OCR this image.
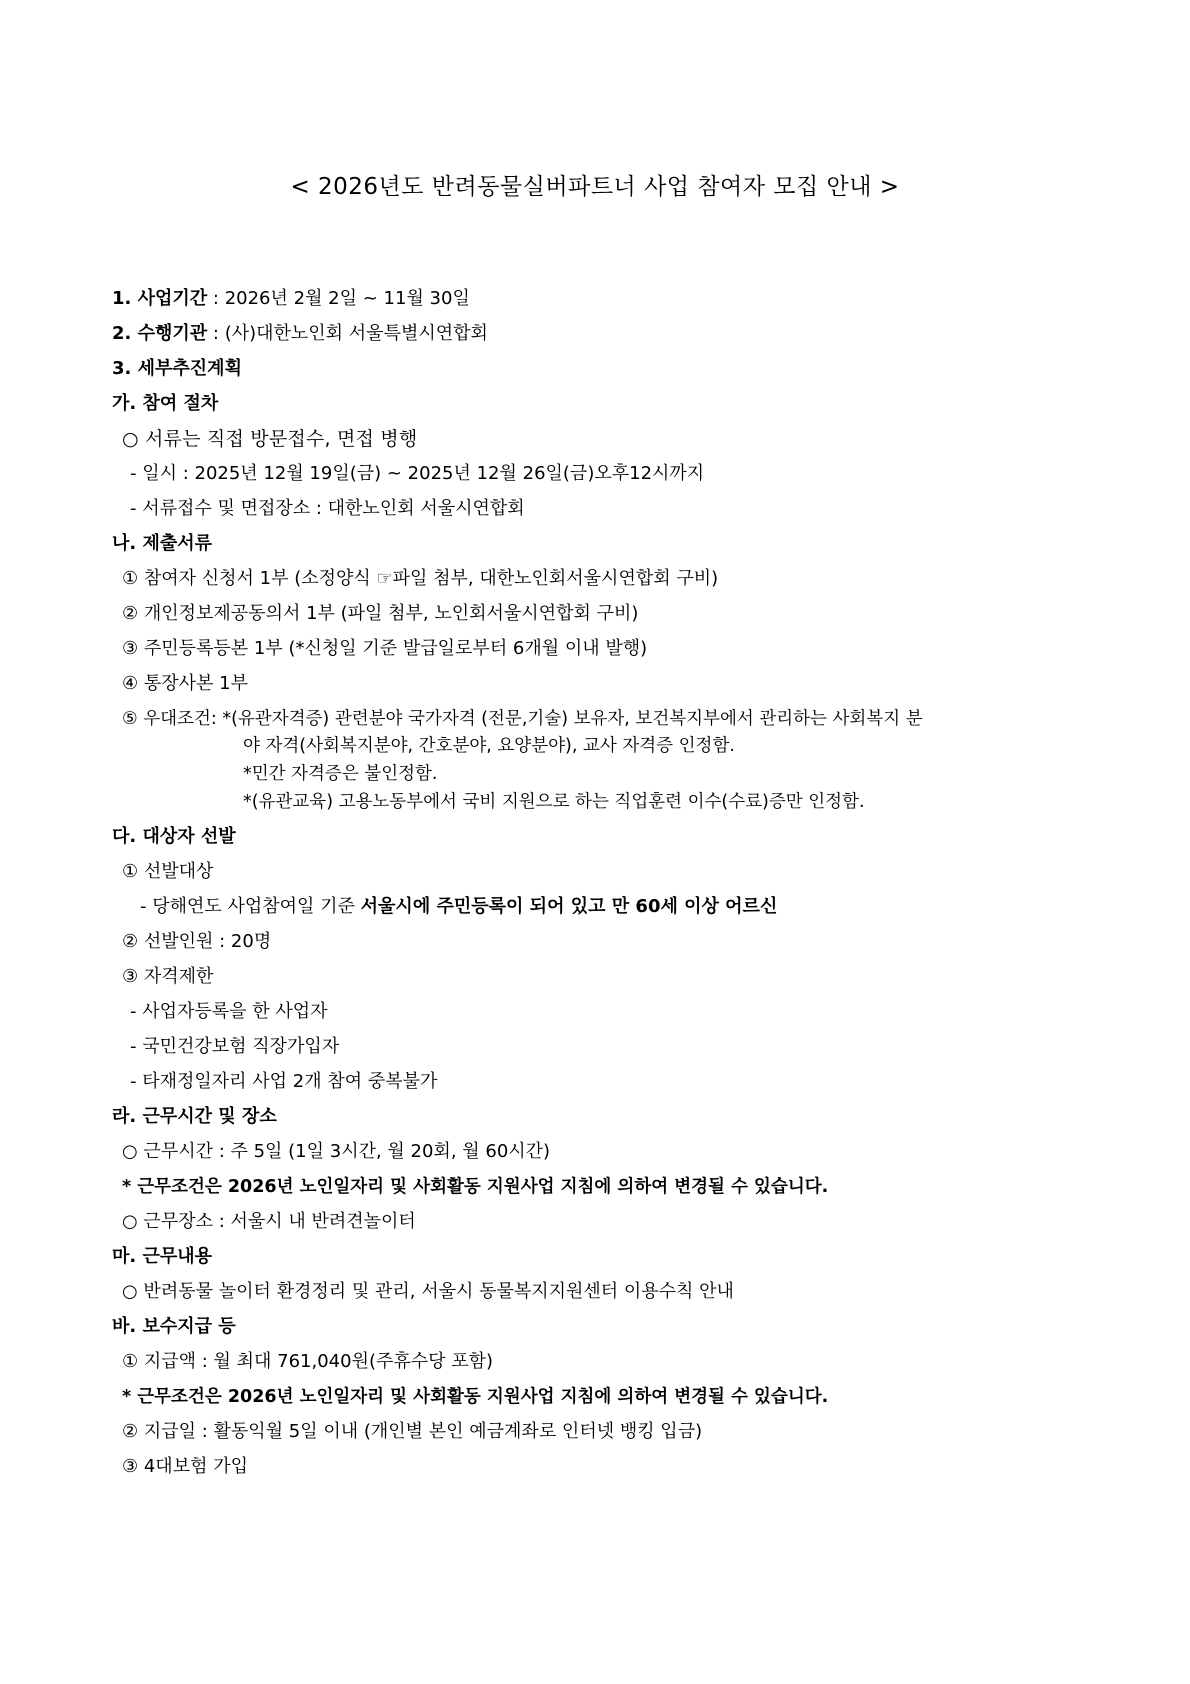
< 2026년도 반려동물실버파트너 사업 참여자 모집 안내 >
1. 사업기간 : 2026년 2월 2일 ~ 11월 30일
2. 수행기관 : (사)대한노인회 서울특별시연합회
3. 세부추진계획
가. 참여 절차
○ 서류는 직접 방문접수, 면접 병행
- 일시 : 2025년 12월 19일(금) ~ 2025년 12월 26일(금)오후12시까지
- 서류접수 및 면접장소 : 대한노인회 서울시연합회
나. 제출서류
① 참여자 신청서 1부 (소정양식 ☞파일 첨부, 대한노인회서울시연합회 구비)
② 개인정보제공동의서 1부 (파일 첨부, 노인회서울시연합회 구비)
③ 주민등록등본 1부 (*신청일 기준 발급일로부터 6개월 이내 발행)
④ 통장사본 1부
⑤ 우대조건: *(유관자격증) 관련분야 국가자격 (전문,기술) 보유자, 보건복지부에서 관리하는 사회복지 분
야 자격(사회복지분야, 간호분야, 요양분야), 교사 자격증 인정함.
*민간 자격증은 불인정함.
*(유관교육) 고용노동부에서 국비 지원으로 하는 직업훈련 이수(수료)증만 인정함.
다. 대상자 선발
① 선발대상
- 당해연도 사업참여일 기준 서울시에 주민등록이 되어 있고 만 60세 이상 어르신
② 선발인원 : 20명
③ 자격제한
- 사업자등록을 한 사업자
- 국민건강보험 직장가입자
- 타재정일자리 사업 2개 참여 중복불가
라. 근무시간 및 장소
○ 근무시간 : 주 5일 (1일 3시간, 월 20회, 월 60시간)
* 근무조건은 2026년 노인일자리 및 사회활동 지원사업 지침에 의하여 변경될 수 있습니다.
○ 근무장소 : 서울시 내 반려견놀이터
마. 근무내용
○ 반려동물 놀이터 환경정리 및 관리, 서울시 동물복지지원센터 이용수칙 안내
바. 보수지급 등
① 지급액 : 월 최대 761,040원(주휴수당 포함)
* 근무조건은 2026년 노인일자리 및 사회활동 지원사업 지침에 의하여 변경될 수 있습니다.
② 지급일 : 활동익월 5일 이내 (개인별 본인 예금계좌로 인터넷 뱅킹 입금)
③ 4대보험 가입
